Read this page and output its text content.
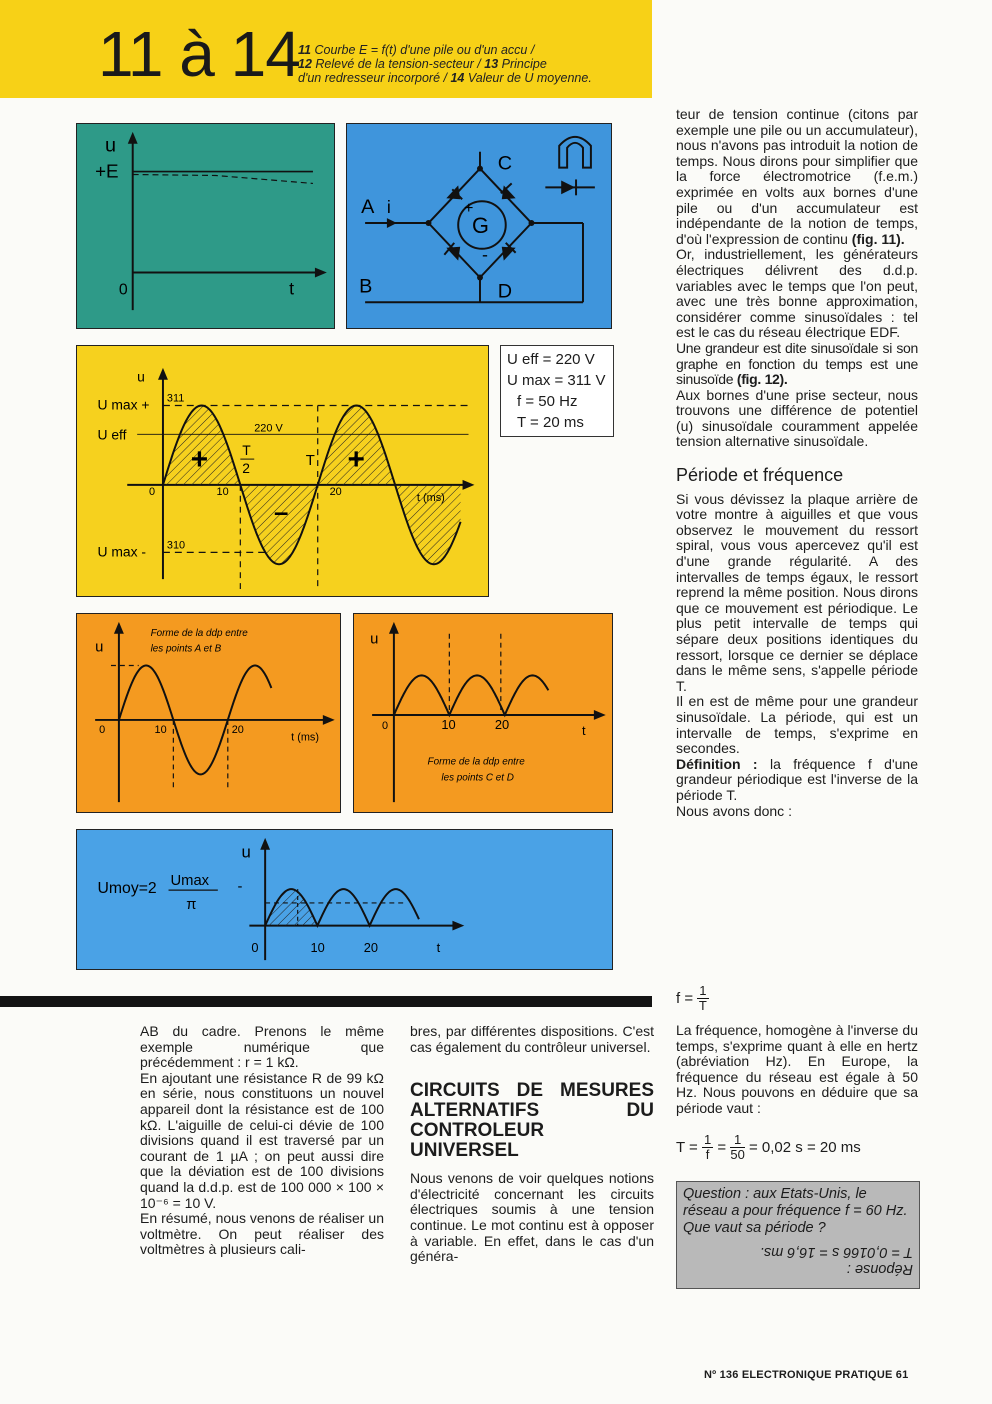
11 à 14
11 Courbe E = f(t) d'une pile ou d'un accu /
12 Relevé de la tension-secteur / 13 Principe
d'un redresseur incorporé / 14 Valeur de U moyenne.
u
+E
0	t
G
+
-
A i
B
C
D
u
U max +
U eff
U max -
311
310
220 V
T
2	T
0	10	20	t (ms)
+	+
–
U eff = 220 V
U max = 311 V
f = 50 Hz
T = 20 ms
Forme de la ddp entre
les points A et B
u
0	10	20
t (ms)
u
0	10	20	t
Forme de la ddp entre
les points C et D
Umoy=2 Umax
π
u
-
0	10	20	t

teur de tension continue (citons par exemple une pile ou un accumulateur), nous n'avons pas introduit la notion de temps. Nous dirons pour simplifier que la force électromotrice (f.e.m.) exprimée en volts aux bornes d'une pile ou d'un accumulateur est indépendante de la notion de temps, d'où l'expression de continu (fig. 11).

Or, industriellement, les générateurs électriques délivrent des d.d.p. variables avec le temps que l'on peut, avec une très bonne approximation, considérer comme sinusoïdales : tel est le cas du réseau électrique EDF.

Une grandeur est dite sinusoïdale si son graphe en fonction du temps est une sinusoïde (fig. 12).

Aux bornes d'une prise secteur, nous trouvons une différence de potentiel (u) sinusoïdale couramment appelée tension alternative sinusoïdale.

Période et fréquence

Si vous dévissez la plaque arrière de votre montre à aiguilles et que vous observez le mouvement du ressort spiral, vous vous apercevez qu'il est d'une grande régularité. A des intervalles de temps égaux, le ressort reprend la même position. Nous dirons que ce mouvement est périodique. Le plus petit intervalle de temps qui sépare deux positions identiques du ressort, lorsque ce dernier se déplace dans le même sens, s'appelle période T.

Il en est de même pour une grandeur sinusoïdale. La période, qui est un intervalle de temps, s'exprime en secondes.

Définition : la fréquence f d'une grandeur périodique est l'inverse de la période T.

Nous avons donc :

$f = \frac{1}{T}$
La fréquence, homogène à l'inverse du temps, s'exprime quant à elle en hertz (abréviation Hz). En Europe, la fréquence du réseau est égale à 50 Hz. Nous pouvons en déduire que sa période vaut :
$T = \frac{1}{f} = \frac{1}{50} = 0,02$ s = 20 ms
Question : aux Etats-Unis, le réseau a pour fréquence f = 60 Hz. Que vaut sa période ?
Réponse :
T = 0,0166 s = 16,6 ms.

AB du cadre. Prenons le même exemple numérique que précédemment : r = 1 kΩ.

En ajoutant une résistance R de 99 kΩ en série, nous constituons un nouvel appareil dont la résistance est de 100 kΩ. L'aiguille de celui-ci dévie de 100 divisions quand il est traversé par un courant de 1 µA ; on peut aussi dire que la déviation est de 100 divisions quand la d.d.p. est de 100 000 × 100 × 10⁻⁶ = 10 V.

En résumé, nous venons de réaliser un voltmètre. On peut réaliser des voltmètres à plusieurs cali-

bres, par différentes dispositions. C'est cas également du contrôleur universel.

CIRCUITS DE MESURES ALTERNATIFS DU CONTROLEUR UNIVERSEL

Nous venons de voir quelques notions d'électricité concernant les circuits électriques soumis à une tension continue. Le mot continu est à opposer à variable. En effet, dans le cas d'un généra-

Nº 136 ELECTRONIQUE PRATIQUE 61
